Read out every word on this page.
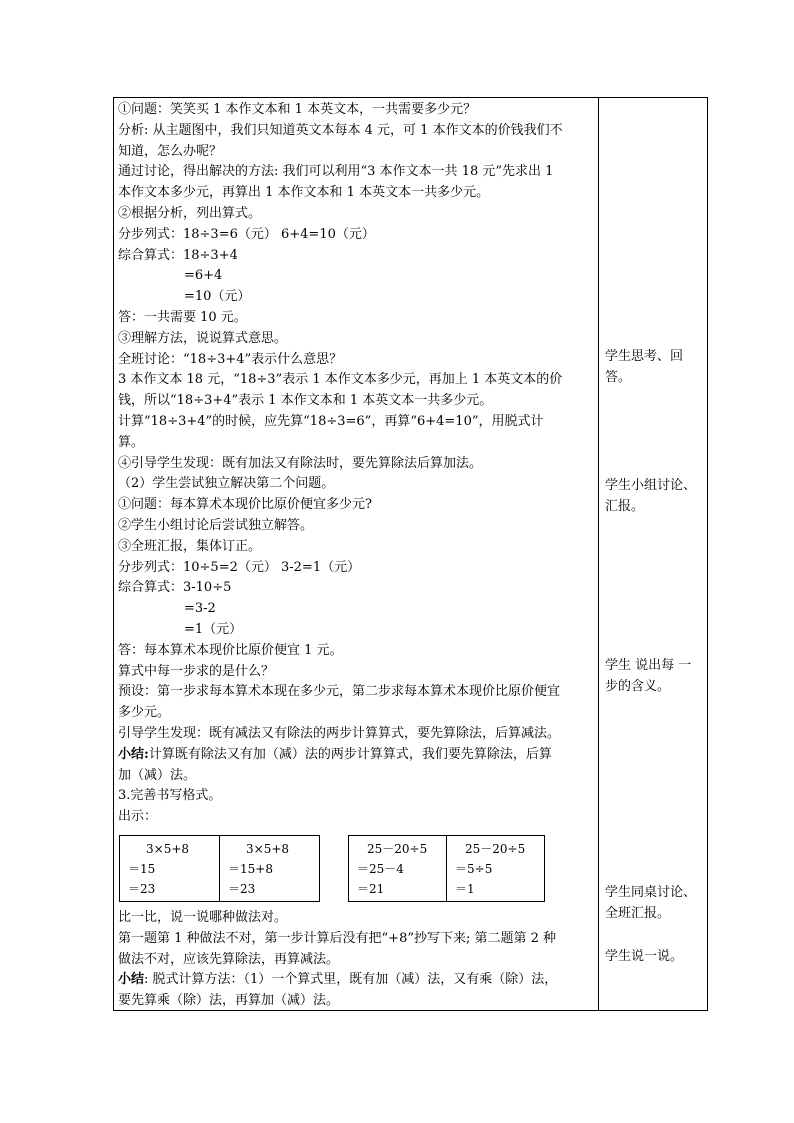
①问题：笑笑买 1 本作文本和 1 本英文本，一共需要多少元？
分析: 从主题图中，我们只知道英文本每本 4 元，可 1 本作文本的价钱我们不
知道，怎么办呢？
通过讨论，得出解决的方法: 我们可以利用“3 本作文本一共 18 元”先求出 1
本作文本多少元，再算出 1 本作文本和 1 本英文本一共多少元。
②根据分析，列出算式。
分步列式：18÷3=6（元） 6+4=10（元）
综合算式：18÷3+4
=6+4
=10（元）
答：一共需要 10 元。
③理解方法，说说算式意思。
全班讨论：“18÷3+4”表示什么意思？
3 本作文本 18 元，“18÷3”表示 1 本作文本多少元，再加上 1 本英文本的价
钱，所以“18÷3+4”表示 1 本作文本和 1 本英文本一共多少元。
计算“18÷3+4”的时候，应先算“18÷3=6”，再算“6+4=10”，用脱式计
算。
④引导学生发现：既有加法又有除法时，要先算除法后算加法。
（2）学生尝试独立解决第二个问题。
①问题：每本算术本现价比原价便宜多少元?
②学生小组讨论后尝试独立解答。
③全班汇报，集体订正。
分步列式：10÷5=2（元） 3-2=1（元）
综合算式：3-10÷5
=3-2
=1（元）
答：每本算术本现价比原价便宜 1 元。
算式中每一步求的是什么？
预设：第一步求每本算术本现在多少元，第二步求每本算术本现价比原价便宜
多少元。
引导学生发现：既有减法又有除法的两步计算算式，要先算除法，后算减法。
小结:计算既有除法又有加（减）法的两步计算算式，我们要先算除法，后算
加（减）法。
3.完善书写格式。
出示：
3×5+8
＝15
＝23
3×5+8
＝15+8
＝23
25－20÷5
＝25－4
＝21
25－20÷5
＝5÷5
＝1
比一比，说一说哪种做法对。
第一题第 1 种做法不对，第一步计算后没有把“+8”抄写下来; 第二题第 2 种
做法不对，应该先算除法，再算减法。
小结: 脱式计算方法：（1）一个算式里，既有加（减）法，又有乘（除）法，
要先算乘（除）法，再算加（减）法。
学生思考、回答。
学生小组讨论、
汇报。
学生 说出每 一
步的含义。
学生同桌讨论、
全班汇报。
学生说一说。
